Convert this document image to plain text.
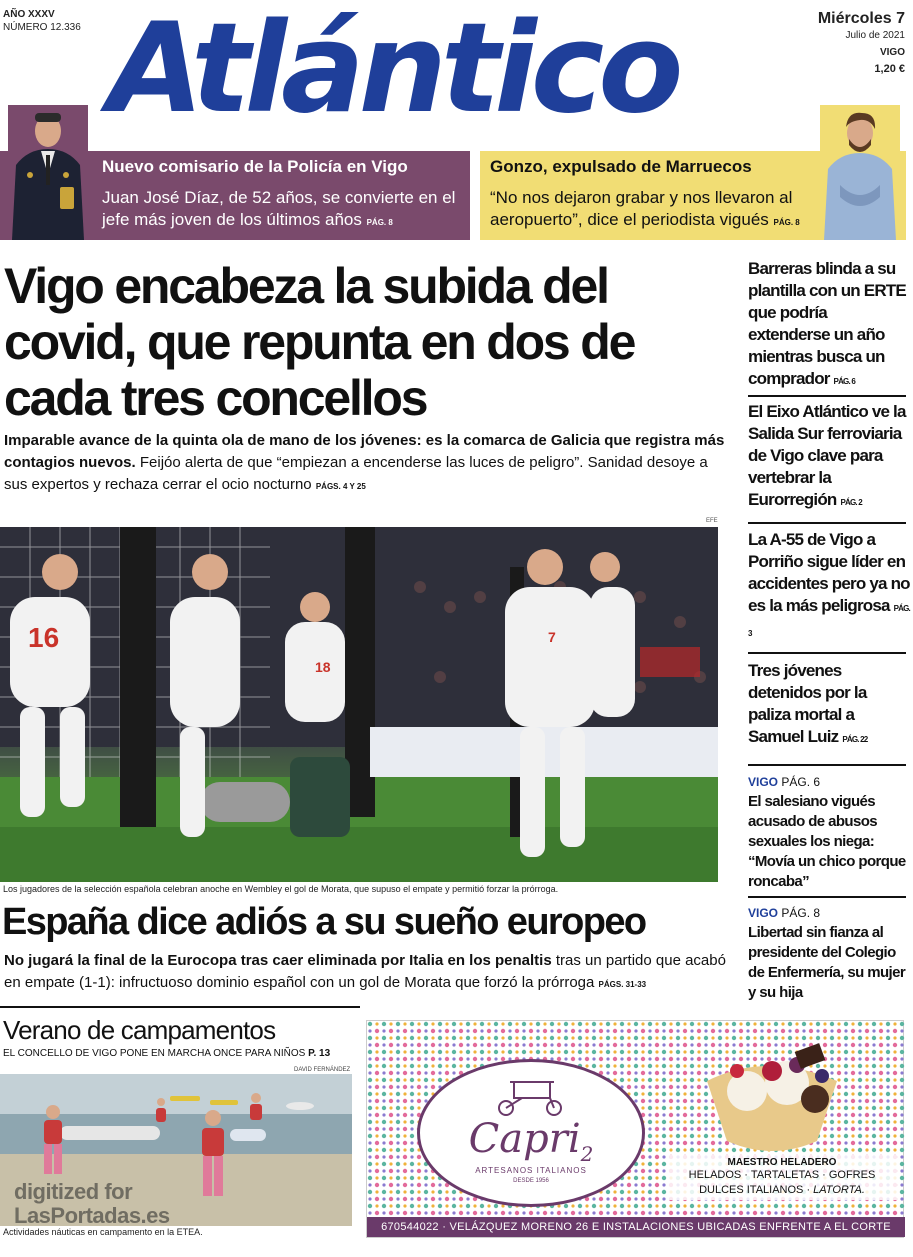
AÑO XXXV
NÚMERO 12.336 Atlántico	Miércoles 7
Julio de 2021
VIGO
1,20 €
Nuevo comisario de la Policía en Vigo
Juan José Díaz, de 52 años, se convierte en el jefe más joven de los últimos años PÁG. 8
Gonzo, expulsado de Marruecos
“No nos dejaron grabar y nos llevaron al aeropuerto”, dice el periodista vigués PÁG. 8
Vigo encabeza la subida del covid, que repunta en dos de cada tres concellos
Imparable avance de la quinta ola de mano de los jóvenes: es la comarca de Galicia que registra más contagios nuevos. Feijóo alerta de que “empiezan a encenderse las luces de peligro”. Sanidad desoye a sus expertos y rechaza cerrar el ocio nocturno PÁGS. 4 Y 25
EFE
16
18
7
Los jugadores de la selección española celebran anoche en Wembley el gol de Morata, que supuso el empate y permitió forzar la prórroga.
España dice adiós a su sueño europeo
No jugará la final de la Eurocopa tras caer eliminada por Italia en los penaltis tras un partido que acabó en empate (1-1): infructuoso dominio español con un gol de Morata que forzó la prórroga PÁGS. 31-33
Barreras blinda a su plantilla con un ERTE que podría extenderse un año mientras busca un comprador PÁG. 6
El Eixo Atlántico ve la Salida Sur ferroviaria de Vigo clave para vertebrar la Eurorregión PÁG. 2
La A-55 de Vigo a Porriño sigue líder en accidentes pero ya no es la más peligrosa PÁG. 3
Tres jóvenes detenidos por la paliza mortal a Samuel Luiz PÁG. 22
VIGO PÁG. 6
El salesiano vigués acusado de abusos sexuales los niega: “Movía un chico porque roncaba”
VIGO PÁG. 8
Libertad sin fianza al presidente del Colegio de Enfermería, su mujer y su hija
Verano de campamentos
EL CONCELLO DE VIGO PONE EN MARCHA ONCE PARA NIÑOS P. 13
DAVID FERNÁNDEZ
digitized for
LasPortadas.es
Actividades náuticas en campamento en la ETEA.
Capri$_2$
ARTESANOS ITALIANOS
DESDE 1956
MAESTRO HELADERO
HELADOS · TARTALETAS · GOFRES
DULCES ITALIANOS · LATORTA.
670544022 · VELÁZQUEZ MORENO 26 E INSTALACIONES UBICADAS ENFRENTE A EL CORTE INGLÉS.
